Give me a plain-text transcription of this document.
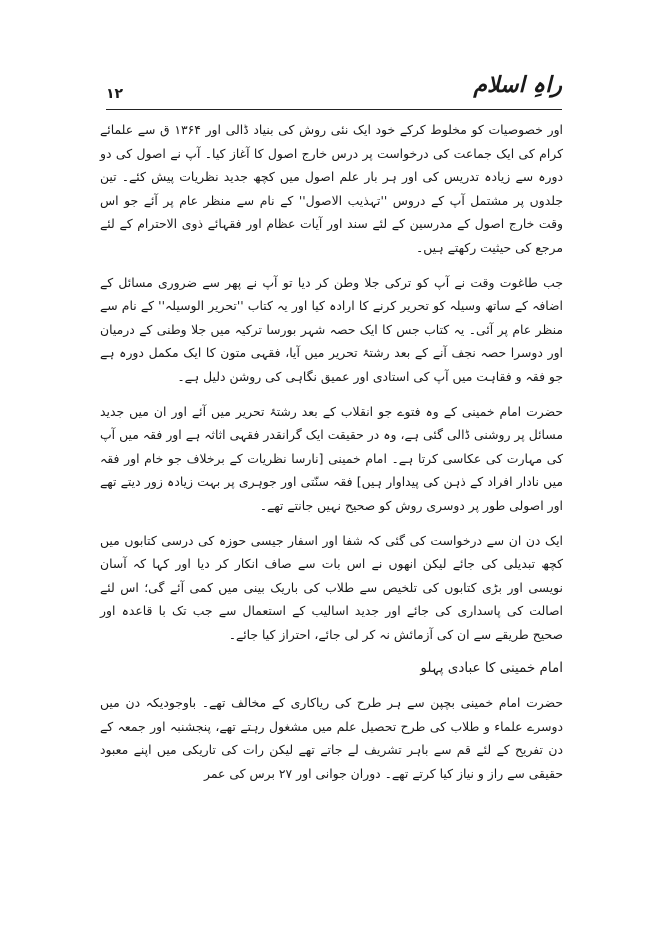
۱۲	راہِ اسلام

اور خصوصیات کو مخلوط کرکے خود ایک نئی روش کی بنیاد ڈالی اور ۱۳۶۴ ق سے علمائے کرام کی ایک جماعت کی درخواست پر درس خارج اصول کا آغاز کیا۔ آپ نے اصول کی دو دورہ سے زیادہ تدریس کی اور ہر بار علم اصول میں کچھ جدید نظریات پیش کئے۔ تین جلدوں پر مشتمل آپ کے دروس ''تہذیب الاصول'' کے نام سے منظر عام پر آئے جو اس وقت خارج اصول کے مدرسین کے لئے سند اور آیات عظام اور فقہائے ذوی الاحترام کے لئے مرجع کی حیثیت رکھتے ہیں۔

جب طاغوت وقت نے آپ کو ترکی جلا وطن کر دیا تو آپ نے پھر سے ضروری مسائل کے اضافہ کے ساتھ وسیلہ کو تحریر کرنے کا ارادہ کیا اور یہ کتاب ''تحریر الوسیلہ'' کے نام سے منظر عام پر آئی۔ یہ کتاب جس کا ایک حصہ شہر بورسا ترکیہ میں جلا وطنی کے درمیان اور دوسرا حصہ نجف آنے کے بعد رشتۂ تحریر میں آیا، فقہی متون کا ایک مکمل دورہ ہے جو فقہ و فقاہت میں آپ کی استادی اور عمیق نگاہی کی روشن دلیل ہے۔

حضرت امام خمینی کے وہ فتوے جو انقلاب کے بعد رشتۂ تحریر میں آئے اور ان میں جدید مسائل پر روشنی ڈالی گئی ہے، وہ در حقیقت ایک گرانقدر فقہی اثاثہ ہے اور فقہ میں آپ کی مہارت کی عکاسی کرتا ہے۔ امام خمینی [نارسا نظریات کے برخلاف جو خام اور فقہ میں نادار افراد کے ذہن کی پیداوار ہیں] فقہ سنّتی اور جوہری پر بہت زیادہ زور دیتے تھے اور اصولی طور پر دوسری روش کو صحیح نہیں جانتے تھے۔

ایک دن ان سے درخواست کی گئی کہ شفا اور اسفار جیسی حوزہ کی درسی کتابوں میں کچھ تبدیلی کی جائے لیکن انھوں نے اس بات سے صاف انکار کر دیا اور کہا کہ آسان نویسی اور بڑی کتابوں کی تلخیص سے طلاب کی باریک بینی میں کمی آئے گی؛ اس لئے اصالت کی پاسداری کی جائے اور جدید اسالیب کے استعمال سے جب تک با قاعدہ اور صحیح طریقے سے ان کی آزمائش نہ کر لی جائے، احتراز کیا جائے۔

امام خمینی کا عبادی پہلو

حضرت امام خمینی بچپن سے ہر طرح کی ریاکاری کے مخالف تھے۔ باوجودیکہ دن میں دوسرے علماء و طلاب کی طرح تحصیل علم میں مشغول رہتے تھے، پنجشنبہ اور جمعہ کے دن تفریح کے لئے قم سے باہر تشریف لے جاتے تھے لیکن رات کی تاریکی میں اپنے معبود حقیقی سے راز و نیاز کیا کرتے تھے۔ دوران جوانی اور ۲۷ برس کی عمر
